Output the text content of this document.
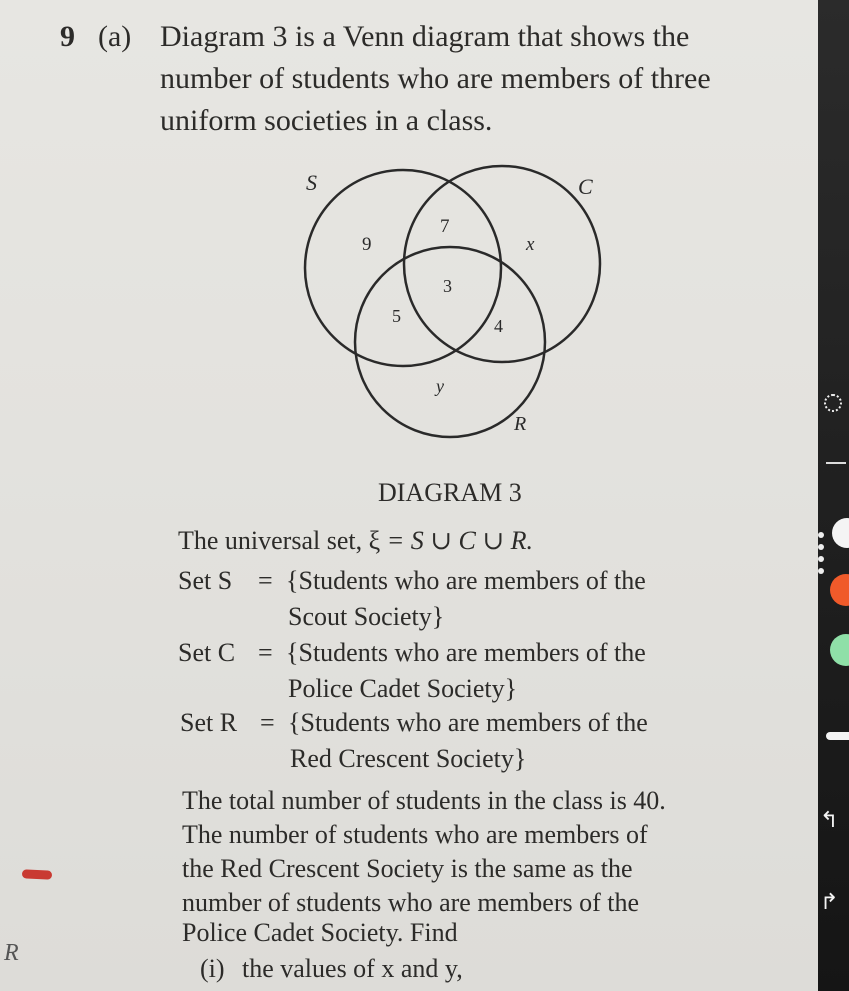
9 (a) Diagram 3 is a Venn diagram that shows the
number of students who are members of three
uniform societies in a class.
S	C
R
9
7
x
3
5	4
y
DIAGRAM 3
The universal set, ξ = S ∪ C ∪ R.
Set S = {Students who are members of the
Scout Society}
Set C = {Students who are members of the
Police Cadet Society}
Set R = {Students who are members of the
Red Crescent Society}
The total number of students in the class is 40.
The number of students who are members of
the Red Crescent Society is the same as the
number of students who are members of the
Police Cadet Society. Find
(i) the values of x and y,
R
↰
↱
